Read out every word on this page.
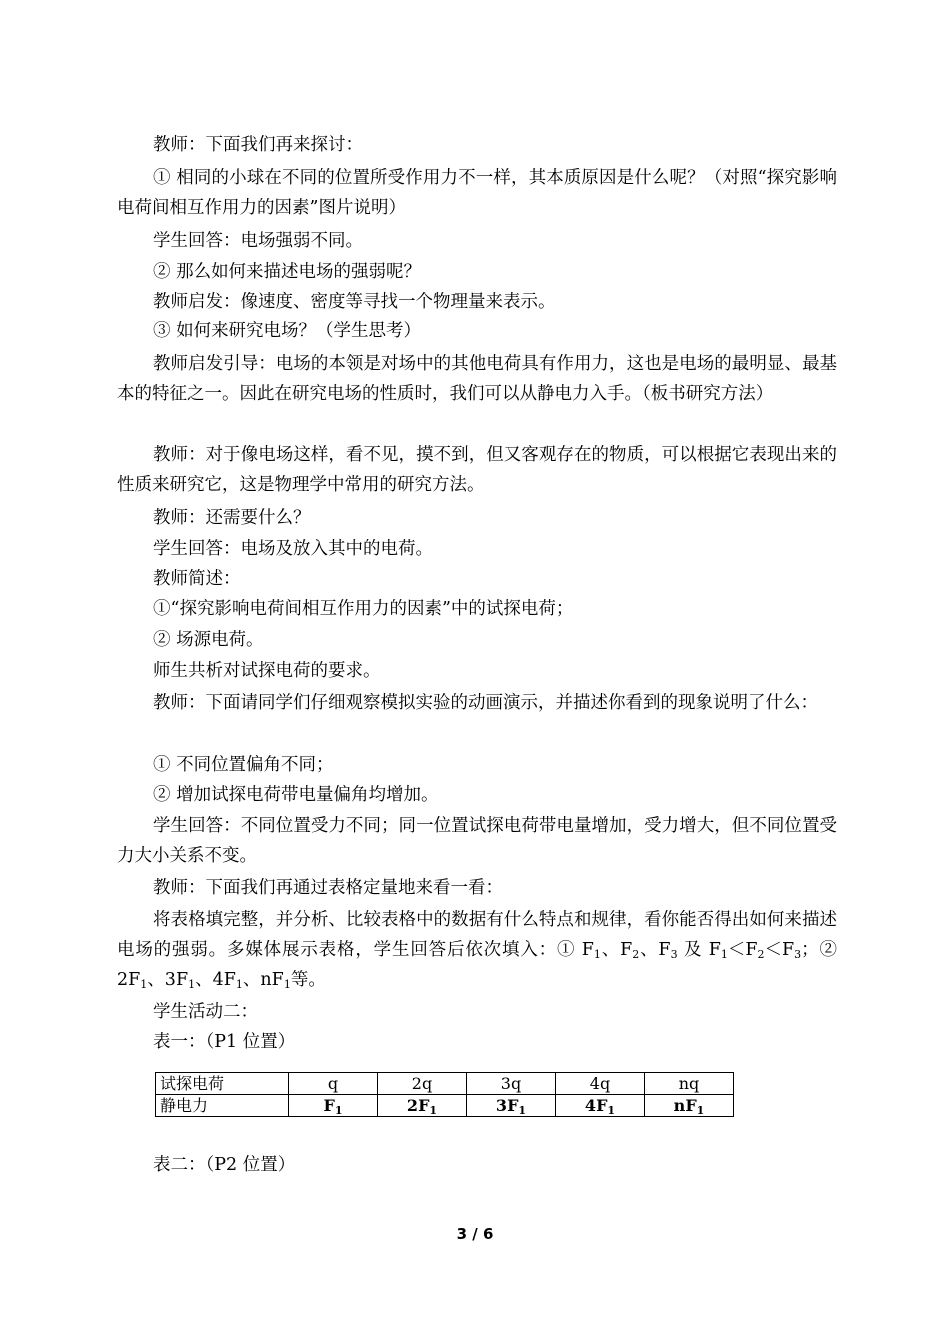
教师：下面我们再来探讨：
① 相同的小球在不同的位置所受作用力不一样，其本质原因是什么呢？（对照“探究影响电荷间相互作用力的因素”图片说明）
学生回答：电场强弱不同。
② 那么如何来描述电场的强弱呢？
教师启发：像速度、密度等寻找一个物理量来表示。
③ 如何来研究电场？（学生思考）
教师启发引导：电场的本领是对场中的其他电荷具有作用力，这也是电场的最明显、最基本的特征之一。因此在研究电场的性质时，我们可以从静电力入手。（板书研究方法）
教师：对于像电场这样，看不见，摸不到，但又客观存在的物质，可以根据它表现出来的性质来研究它，这是物理学中常用的研究方法。
教师：还需要什么？
学生回答：电场及放入其中的电荷。
教师简述：
①“探究影响电荷间相互作用力的因素”中的试探电荷；
② 场源电荷。
师生共析对试探电荷的要求。
教师：下面请同学们仔细观察模拟实验的动画演示，并描述你看到的现象说明了什么：
① 不同位置偏角不同；
② 增加试探电荷带电量偏角均增加。
学生回答：不同位置受力不同；同一位置试探电荷带电量增加，受力增大，但不同位置受力大小关系不变。
教师：下面我们再通过表格定量地来看一看：
将表格填完整，并分析、比较表格中的数据有什么特点和规律，看你能否得出如何来描述电场的强弱。多媒体展示表格，学生回答后依次填入：① $F_1$、$F_2$、$F_3$ 及 $F_1<F_2<F_3$；② $2F_1$、$3F_1$、$4F_1$、$nF_1$等。
学生活动二：
表一：（P1 位置）
试探电荷	q	2q	3q	4q	nq
静电力	$F_1$	$2F_1$	$3F_1$	$4F_1$	$nF_1$
表二：（P2 位置）
3 / 6
